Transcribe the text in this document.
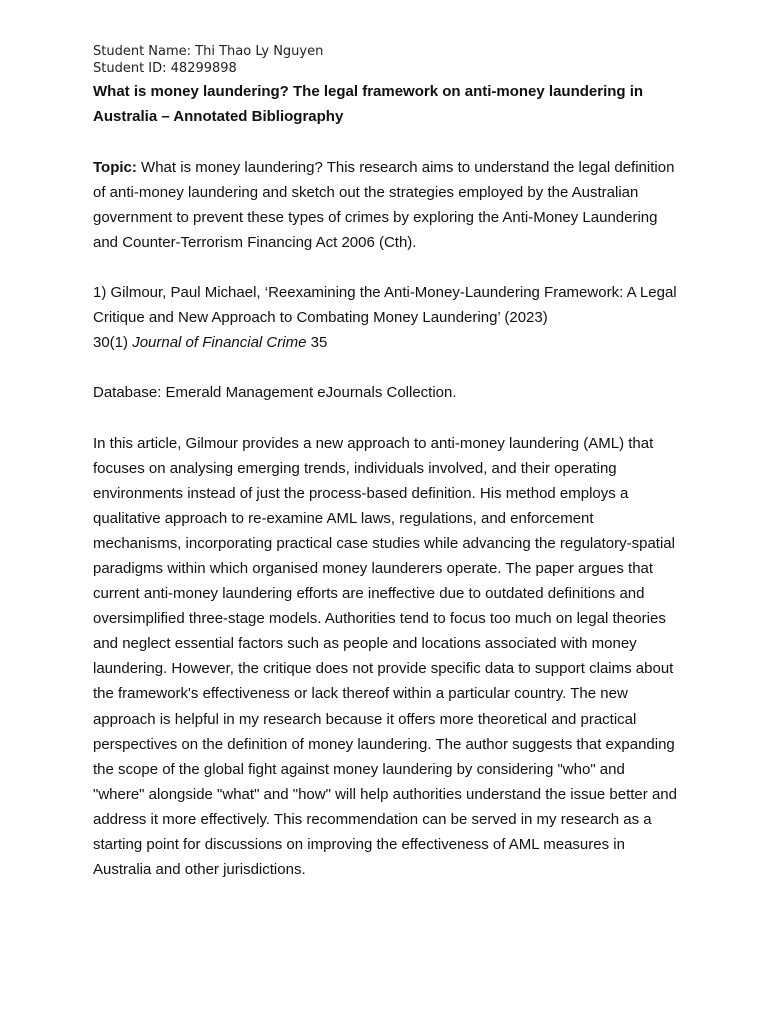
Student Name: Thi Thao Ly Nguyen
Student ID: 48299898
What is money laundering? The legal framework on anti-money laundering in Australia – Annotated Bibliography

Topic: What is money laundering? This research aims to understand the legal definition of anti-money laundering and sketch out the strategies employed by the Australian government to prevent these types of crimes by exploring the Anti-Money Laundering and Counter-Terrorism Financing Act 2006 (Cth).

1) Gilmour, Paul Michael, ‘Reexamining the Anti-Money-Laundering Framework: A Legal Critique and New Approach to Combating Money Laundering’ (2023)
30(1) Journal of Financial Crime 35

Database: Emerald Management eJournals Collection.

In this article, Gilmour provides a new approach to anti-money laundering (AML) that focuses on analysing emerging trends, individuals involved, and their operating environments instead of just the process-based definition. His method employs a qualitative approach to re-examine AML laws, regulations, and enforcement mechanisms, incorporating practical case studies while advancing the regulatory-spatial paradigms within which organised money launderers operate. The paper argues that current anti-money laundering efforts are ineffective due to outdated definitions and oversimplified three-stage models. Authorities tend to focus too much on legal theories and neglect essential factors such as people and locations associated with money laundering. However, the critique does not provide specific data to support claims about the framework's effectiveness or lack thereof within a particular country. The new approach is helpful in my research because it offers more theoretical and practical perspectives on the definition of money laundering. The author suggests that expanding the scope of the global fight against money laundering by considering "who" and "where" alongside "what" and "how" will help authorities understand the issue better and address it more effectively. This recommendation can be served in my research as a starting point for discussions on improving the effectiveness of AML measures in Australia and other jurisdictions.
